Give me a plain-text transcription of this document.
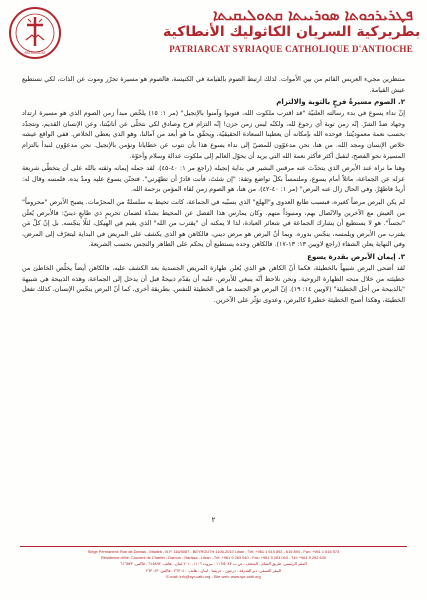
PATRIARCAT
ܦܛܪܝܪܟܘܬܐ ܣܘܪܝܝܬܐ ܩܬܘܠܝܩܝܬܐ
بطريركية السريان الكاثوليك الأنطاكية
PATRIARCAT SYRIAQUE CATHOLIQUE D'ANTIOCHE

منتظرين مجيء العريس القائم من بين الأموات. لذلك ارتبط الصوم بالقيامة في الكنيسة، فالصوم هو مسيرة تحرّر وموت عن الذات، لكي نستطيع عيش القيامة.

٢. الصوم مسيرةُ فرحٍ بالتوبة والالتزام

إنّ نداء يسوع في بدء رسالته العلنيّة "قد اقترب ملكوت الله، فتوبوا وآمنوا بالإنجيل" (مر ١: ١٥) يلخّص مبدأ زمن الصوم الذي هو مسيرة ارتداد وجهاد ضدّ الشرّ. إنّه زمن توبة أي رجوع لله، ولكنّه ليس زمن حزن! إنّه التزام فرح وصادق لكي نتخلّى عن أنانيّتنا، وعن الإنسان القديم، ونتجدّد بحسب نعمة معموديّتنا. فوحده الله بإمكانه أن يعطينا السعادة الحقيقيّة، ويحقّق ما هو أبعد من آمالنا، وهو الذي يعطي الخلاص. ففي الواقع عيشه خلاص الإنسان ومجد الله. من هنا، نحن مدعوّون للمضيّ إلى نداء يسوع هذا بأن نتوب عن خطايانا ونؤمن بالإنجيل. نحن مدعوّون لنبدأ بالتزام المسيرة نحو الفصح، لنقبل أكثر فأكثر نعمة الله التي يريد أن يحوّل العالم إلى ملكوت عدالة وسلام وأخوّة.

وهنا ما نراه عند الأبرص الذي يتحدّث عنه مرقس البشير في بداية إنجيله (راجع مر ١: ٤٠-٤٥). لقد حمله إيمانه وثقته بالله على أن يتخطّى شريعة عزله عن الجماعة، ماثلاً أمام يسوع، وملتمساً بكلّ تواضع وثقة: "إن شئتَ، فأنت قادرٌ أن تطهّرني". فتحنّن يسوع عليه ومدّ يده، فلمسه وقال له: أريدُ فاطهُرْ. وفي الحال زال عنه البرص" (مر ١: ٤٠-٤٢). من هنا، هو الصوم زمن لقاء المؤمن برحمة الله.

لم يكن البرص مرضاً كغيره، فبسبب طابع العدوى و"الهلع" الذي يسبّبه في الجماعة، كانت تحيط به سلسلةٌ من المحرّمات. يصبح الأبرص "محروماً" من العيش مع الآخرين والاتّصال بهم، ومنبوذاً منهم. وكان يمارس هذا الفصل عن المحيط بشدّة لضمان تحريمٍ ذي طابعٍ دينيّ: فالأبرص يُعلَن "نجساً". هو لا يستطيع أن يشارك الجماعة في شعائر العبادة، لذا لا يمكنه أن "يقترب من الله" الذي يقيم في الهيكل، لئلّا ينجّسه. بل إنّ كلّ مَن يقترب من الأبرص ويلمسه، ينجّس بدوره. وبما أنّ البرص هو مرض ديني، فالكاهن هو الذي يكشف على المريض في البداية ليتعرّف إلى المرض، وفي النهاية يعلن الشفاء (راجع لاويين ١٣: ١٣-١٧). فالكاهن وحده يستطيع أن يحكم على الطاهر والنجس بحسب الشريعة.

٣. إيمان الأبرص بقدرة يسوع

لقد أضحى البرص شبيهاً بالخطيئة، فكما أنّ الكاهن هو الذي يُعلن طهارة المريض الجسدية بعد الكشف عليه، فالكاهن أيضاً يخلّص الخاطئ من خطيئته من خلال منحه الطهارة الروحية. ونحن نلاحظ أنّه ينبغي للأبرص، عليه أن يقدّم ذبيحةً قبل أن يدخل إلى الجماعة، وهذه الذبيحة هي شبيهة "بالذبيحة من أجل الخطيئة" (لاويين ١٤: ١٩). إنّ البرص هو الجسد ما هي الخطيئة للنفس. بطريقة أخرى، كما أنّ البرص ينجّس الإنسان، كذلك تفعل الخطيئة، وهكذا أصبح الخطيئة خطيرةً كالبرص، وعدوى تؤثّر على الآخرين.

٢
Siège Permanent: Rue de Damas - Mtaileb - B.P. 116/5087 - BEYROUTH 1106-2010 Liban - Tél: +961 1 615 892 - 615 894 - Fax: +961 1 616 573
Résidence d'été: Couvent de Charfet - Daroun - Harissa - Liban - Tél: +961 9 263 040 - Fax: +961 9 263 043 - Tél: +961 9 262 630
المقر الرئيسي: طريق الشام - المتحف - ص.ب ١١٦/٥٠٨٧ - بيروت ١١٠٦-٢٠١٠ لبنان - هاتف: ٦١٥٨٩٢ - فاكس: ٦١٦٥٧٣
المقر الصيفي: دير الشرفة - درعون - حريصا - لبنان - هاتف: ٢٦٣٠٤٠ - فاكس: ٢٦٣٠٤٣
E-mail: info@syr-cath.org - Site web: www.syr-cath.org
